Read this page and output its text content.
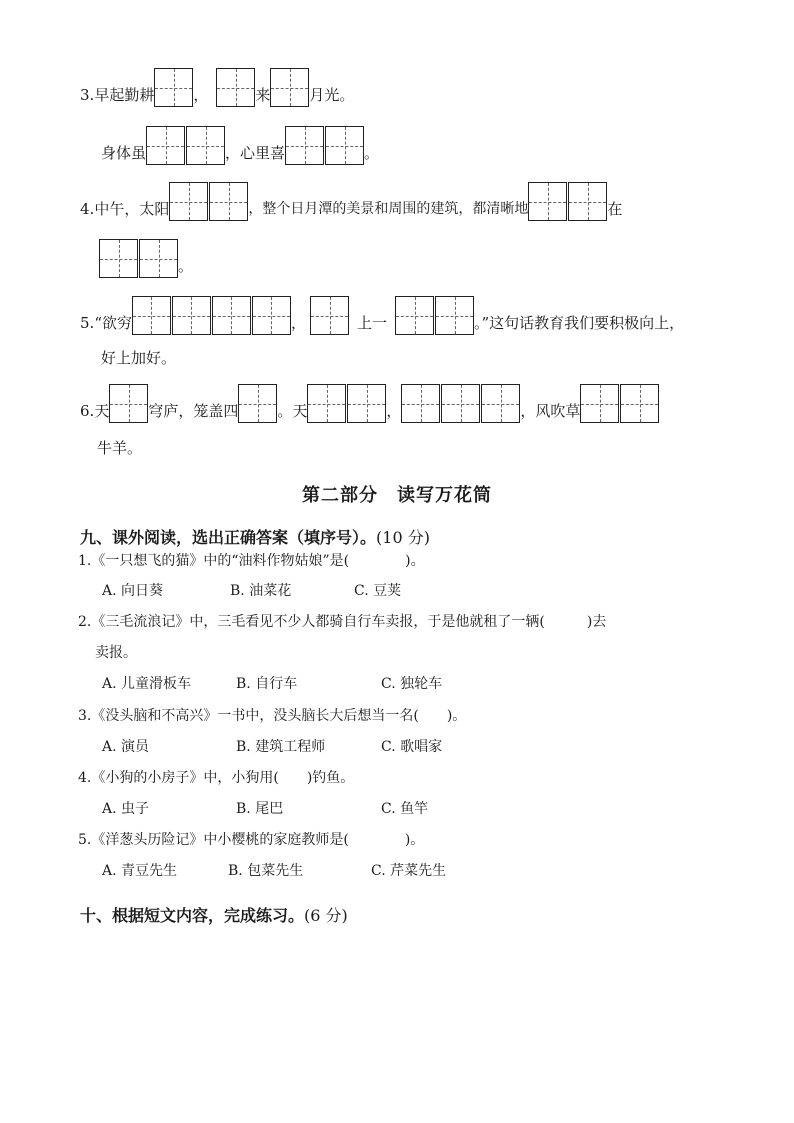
3. 早起勤耕	，	来	月光。
身体虽	，心里喜	。
4. 中午，太阳	，整个日月潭的美景和周围的建筑，都清晰地	在
。
5. “欲穷	，	上一	。”这句话教育我们要积极向上，
好上加好。
6. 天	穹庐，笼盖四	。天	，	，风吹草
牛羊。
第二部分　读写万花筒
九、课外阅读，选出正确答案（填序号）。(10 分)
1.《一只想飞的猫》中的“油料作物姑娘”是(　　　　)。
A. 向日葵	B. 油菜花	C. 豆荚
2.《三毛流浪记》中，三毛看见不少人都骑自行车卖报，于是他就租了一辆(　　　)去
卖报。
A. 儿童滑板车	B. 自行车	C. 独轮车
3.《没头脑和不高兴》一书中，没头脑长大后想当一名(　　)。
A. 演员	B. 建筑工程师	C. 歌唱家
4.《小狗的小房子》中，小狗用(　　)钓鱼。
A. 虫子	B. 尾巴	C. 鱼竿
5.《洋葱头历险记》中小樱桃的家庭教师是(　　　　)。
A. 青豆先生	B. 包菜先生	C. 芹菜先生
十、根据短文内容，完成练习。(6 分)
